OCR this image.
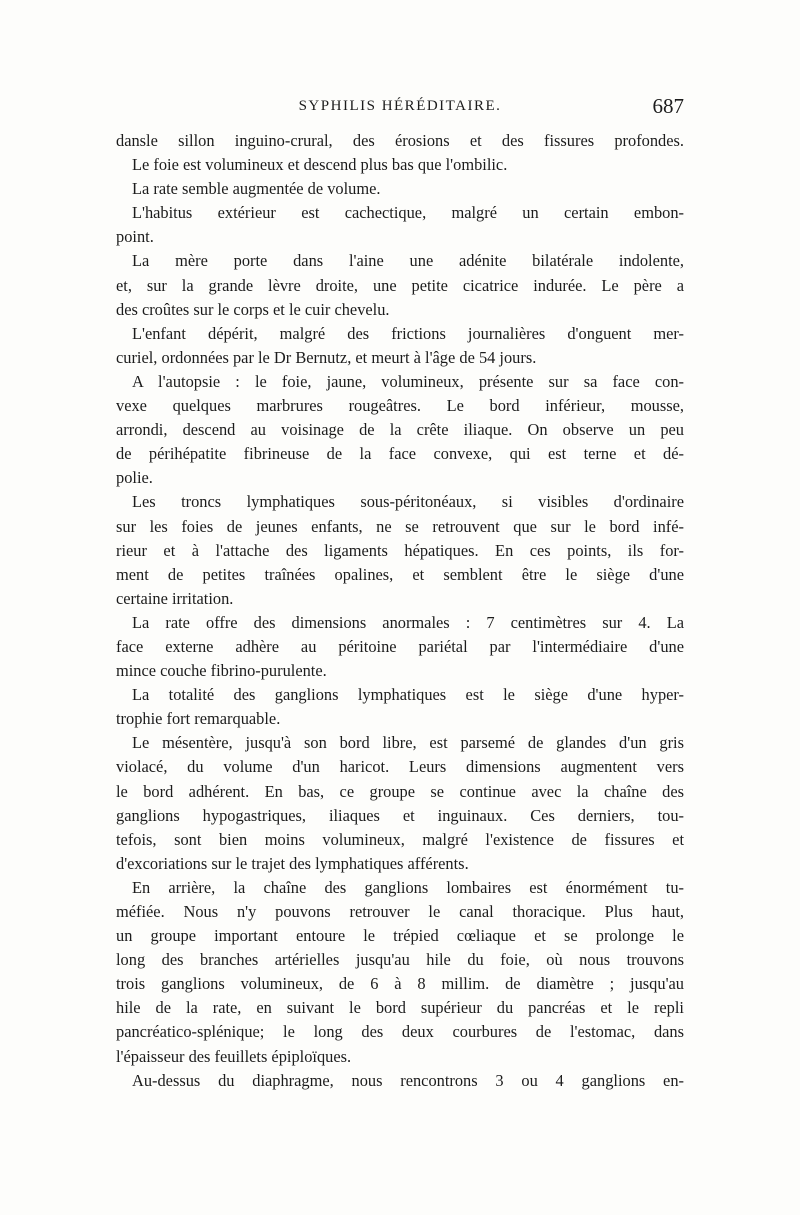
SYPHILIS HÉRÉDITAIRE.	687
dansle sillon inguino-crural, des érosions et des fissures profondes.
Le foie est volumineux et descend plus bas que l'ombilic.
La rate semble augmentée de volume.
L'habitus extérieur est cachectique, malgré un certain embon-
point.
La mère porte dans l'aine une adénite bilatérale indolente,
et, sur la grande lèvre droite, une petite cicatrice indurée. Le père a
des croûtes sur le corps et le cuir chevelu.
L'enfant dépérit, malgré des frictions journalières d'onguent mer-
curiel, ordonnées par le Dr Bernutz, et meurt à l'âge de 54 jours.
A l'autopsie : le foie, jaune, volumineux, présente sur sa face con-
vexe quelques marbrures rougeâtres. Le bord inférieur, mousse,
arrondi, descend au voisinage de la crête iliaque. On observe un peu
de périhépatite fibrineuse de la face convexe, qui est terne et dé-
polie.
Les troncs lymphatiques sous-péritonéaux, si visibles d'ordinaire
sur les foies de jeunes enfants, ne se retrouvent que sur le bord infé-
rieur et à l'attache des ligaments hépatiques. En ces points, ils for-
ment de petites traînées opalines, et semblent être le siège d'une
certaine irritation.
La rate offre des dimensions anormales : 7 centimètres sur 4. La
face externe adhère au péritoine pariétal par l'intermédiaire d'une
mince couche fibrino-purulente.
La totalité des ganglions lymphatiques est le siège d'une hyper-
trophie fort remarquable.
Le mésentère, jusqu'à son bord libre, est parsemé de glandes d'un gris
violacé, du volume d'un haricot. Leurs dimensions augmentent vers
le bord adhérent. En bas, ce groupe se continue avec la chaîne des
ganglions hypogastriques, iliaques et inguinaux. Ces derniers, tou-
tefois, sont bien moins volumineux, malgré l'existence de fissures et
d'excoriations sur le trajet des lymphatiques afférents.
En arrière, la chaîne des ganglions lombaires est énormément tu-
méfiée. Nous n'y pouvons retrouver le canal thoracique. Plus haut,
un groupe important entoure le trépied cœliaque et se prolonge le
long des branches artérielles jusqu'au hile du foie, où nous trouvons
trois ganglions volumineux, de 6 à 8 millim. de diamètre ; jusqu'au
hile de la rate, en suivant le bord supérieur du pancréas et le repli
pancréatico-splénique; le long des deux courbures de l'estomac, dans
l'épaisseur des feuillets épiploïques.
Au-dessus du diaphragme, nous rencontrons 3 ou 4 ganglions en-
